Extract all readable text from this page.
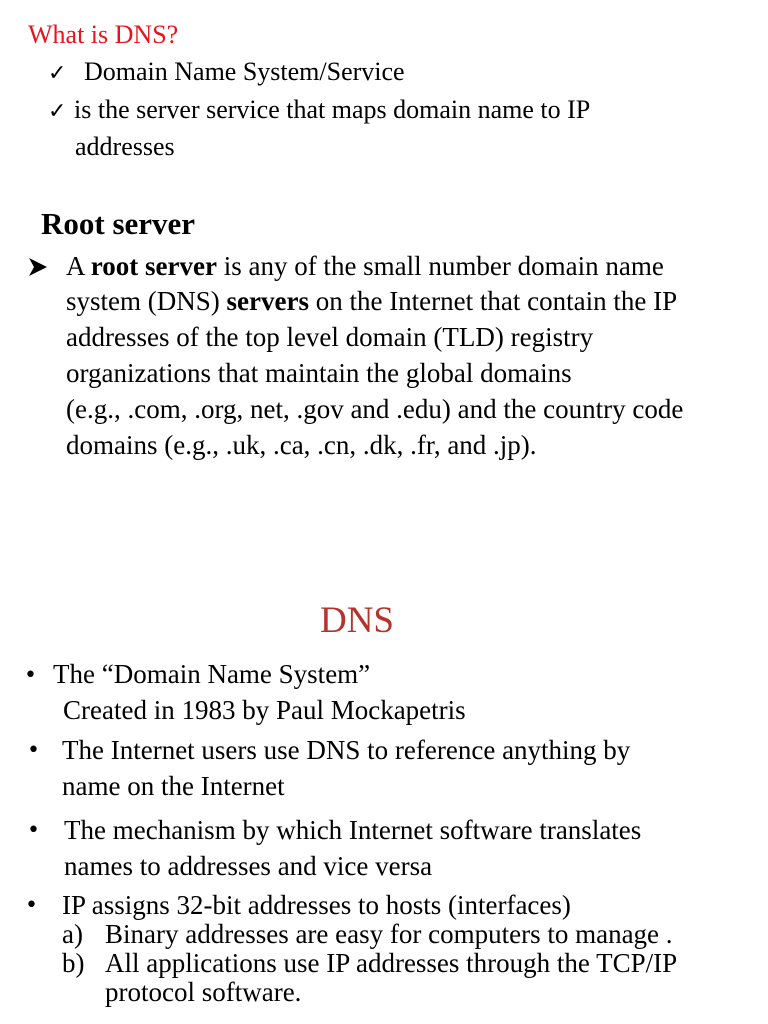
What is DNS?
✓ Domain Name System/Service
✓ is the server service that maps domain name to IP
addresses
Root server
A root server is any of the small number domain name
system (DNS) servers on the Internet that contain the IP
addresses of the top level domain (TLD) registry
organizations that maintain the global domains
(e.g., .com, .org, net, .gov and .edu) and the country code
domains (e.g., .uk, .ca, .cn, .dk, .fr, and .jp).
DNS
• The “Domain Name System”
Created in 1983 by Paul Mockapetris
• The Internet users use DNS to reference anything by
name on the Internet
• The mechanism by which Internet software translates
names to addresses and vice versa
• IP assigns 32-bit addresses to hosts (interfaces)
a) Binary addresses are easy for computers to manage .
b) All applications use IP addresses through the TCP/IP
protocol software.
